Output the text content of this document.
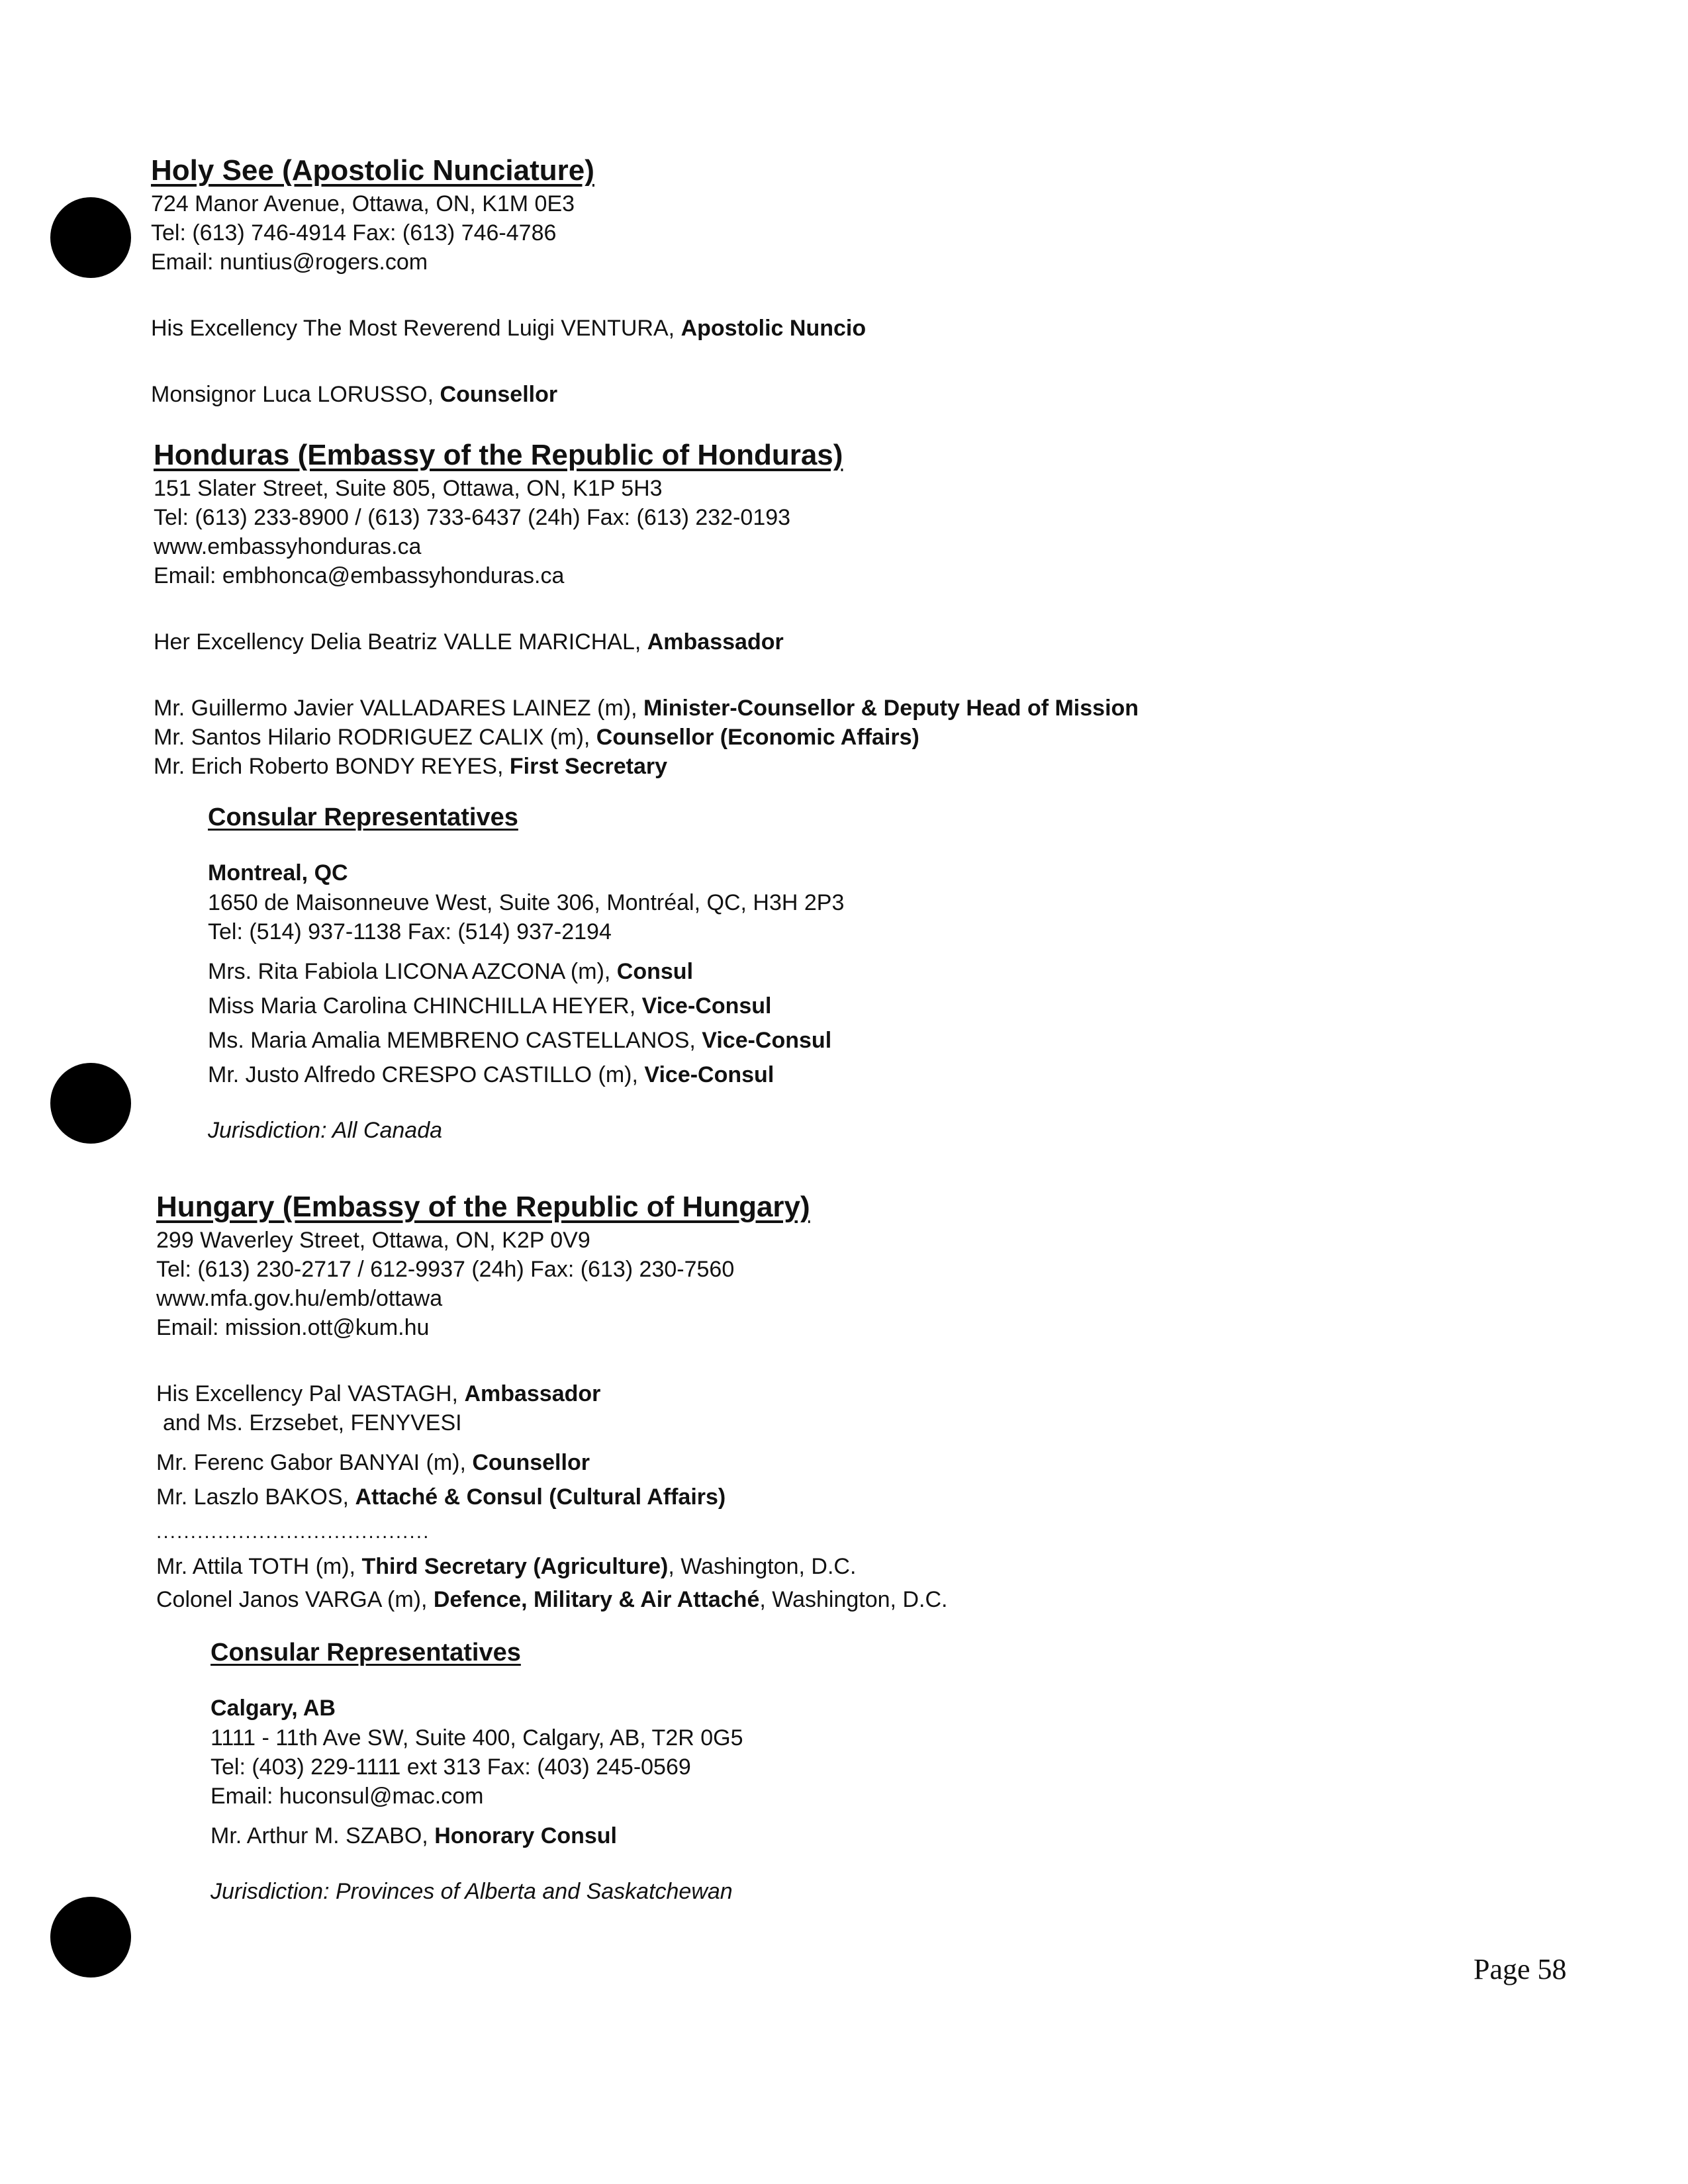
Holy See (Apostolic Nunciature)
724 Manor Avenue, Ottawa, ON, K1M 0E3
Tel: (613) 746-4914 Fax: (613) 746-4786
Email: nuntius@rogers.com
His Excellency The Most Reverend Luigi VENTURA, Apostolic Nuncio
Monsignor Luca LORUSSO, Counsellor
Honduras (Embassy of the Republic of Honduras)
151 Slater Street, Suite 805, Ottawa, ON, K1P 5H3
Tel: (613) 233-8900 / (613) 733-6437 (24h) Fax: (613) 232-0193
www.embassyhonduras.ca
Email: embhonca@embassyhonduras.ca
Her Excellency Delia Beatriz VALLE MARICHAL, Ambassador
Mr. Guillermo Javier VALLADARES LAINEZ (m), Minister-Counsellor & Deputy Head of Mission
Mr. Santos Hilario RODRIGUEZ CALIX (m), Counsellor (Economic Affairs)
Mr. Erich Roberto BONDY REYES, First Secretary
Consular Representatives
Montreal, QC
1650 de Maisonneuve West, Suite 306, Montréal, QC, H3H 2P3
Tel: (514) 937-1138 Fax: (514) 937-2194
Mrs. Rita Fabiola LICONA AZCONA (m), Consul
Miss Maria Carolina CHINCHILLA HEYER, Vice-Consul
Ms. Maria Amalia MEMBRENO CASTELLANOS, Vice-Consul
Mr. Justo Alfredo CRESPO CASTILLO (m), Vice-Consul
Jurisdiction: All Canada
Hungary (Embassy of the Republic of Hungary)
299 Waverley Street, Ottawa, ON, K2P 0V9
Tel: (613) 230-2717 / 612-9937 (24h) Fax: (613) 230-7560
www.mfa.gov.hu/emb/ottawa
Email: mission.ott@kum.hu
His Excellency Pal VASTAGH, Ambassador
and Ms. Erzsebet, FENYVESI
Mr. Ferenc Gabor BANYAI (m), Counsellor
Mr. Laszlo BAKOS, Attaché & Consul (Cultural Affairs)
........................................
Mr. Attila TOTH (m), Third Secretary (Agriculture), Washington, D.C.
Colonel Janos VARGA (m), Defence, Military & Air Attaché, Washington, D.C.
Consular Representatives
Calgary, AB
1111 - 11th Ave SW, Suite 400, Calgary, AB, T2R 0G5
Tel: (403) 229-1111 ext 313 Fax: (403) 245-0569
Email: huconsul@mac.com
Mr. Arthur M. SZABO, Honorary Consul
Jurisdiction: Provinces of Alberta and Saskatchewan
Page 58
